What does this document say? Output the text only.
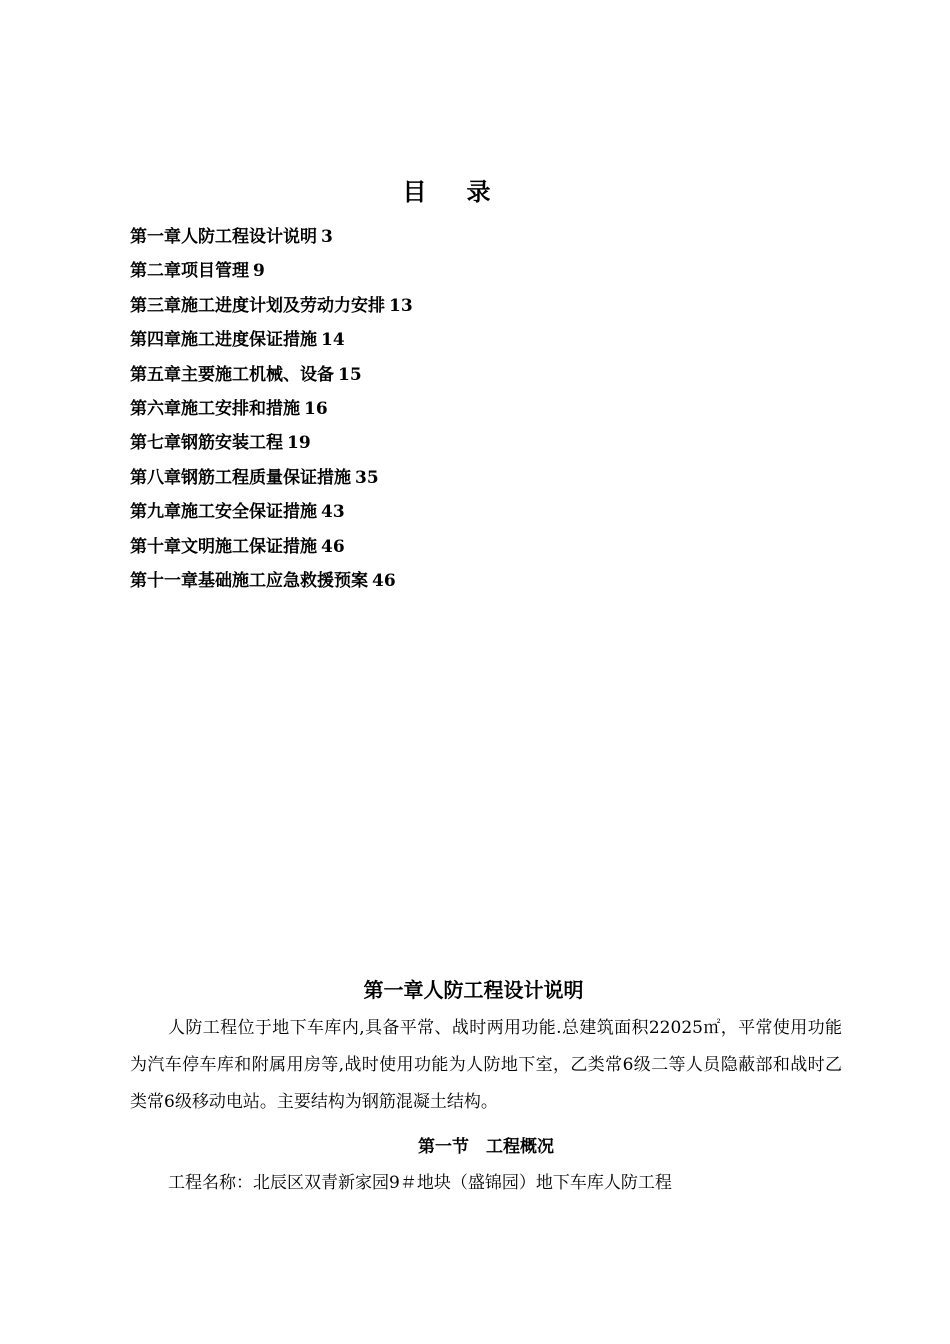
目录
第一章人防工程设计说明 3
第二章项目管理 9
第三章施工进度计划及劳动力安排 13
第四章施工进度保证措施 14
第五章主要施工机械、设备 15
第六章施工安排和措施 16
第七章钢筋安装工程 19
第八章钢筋工程质量保证措施 35
第九章施工安全保证措施 43
第十章文明施工保证措施 46
第十一章基础施工应急救援预案 46
第一章人防工程设计说明

人防工程位于地下车库内,具备平常、战时两用功能.总建筑面积22025㎡，平常使用功能为汽车停车库和附属用房等,战时使用功能为人防地下室，乙类常6级二等人员隐蔽部和战时乙类常6级移动电站。主要结构为钢筋混凝土结构。

第一节　工程概况

工程名称：北辰区双青新家园9＃地块（盛锦园）地下车库人防工程
